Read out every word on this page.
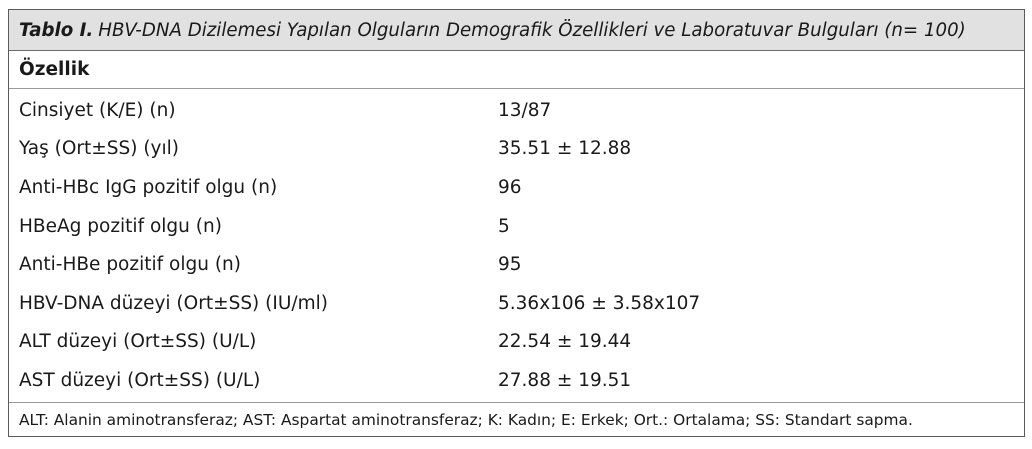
Tablo I. HBV-DNA Dizilemesi Yapılan Olguların Demografik Özellikleri ve Laboratuvar Bulguları (n= 100)
Özellik
Cinsiyet (K/E) (n)	13/87
Yaş (Ort±SS) (yıl)	35.51 ± 12.88
Anti-HBc IgG pozitif olgu (n)	96
HBeAg pozitif olgu (n)	5
Anti-HBe pozitif olgu (n)	95
HBV-DNA düzeyi (Ort±SS) (IU/ml)	5.36x106 ± 3.58x107
ALT düzeyi (Ort±SS) (U/L)	22.54 ± 19.44
AST düzeyi (Ort±SS) (U/L)	27.88 ± 19.51
ALT: Alanin aminotransferaz; AST: Aspartat aminotransferaz; K: Kadın; E: Erkek; Ort.: Ortalama; SS: Standart sapma.
